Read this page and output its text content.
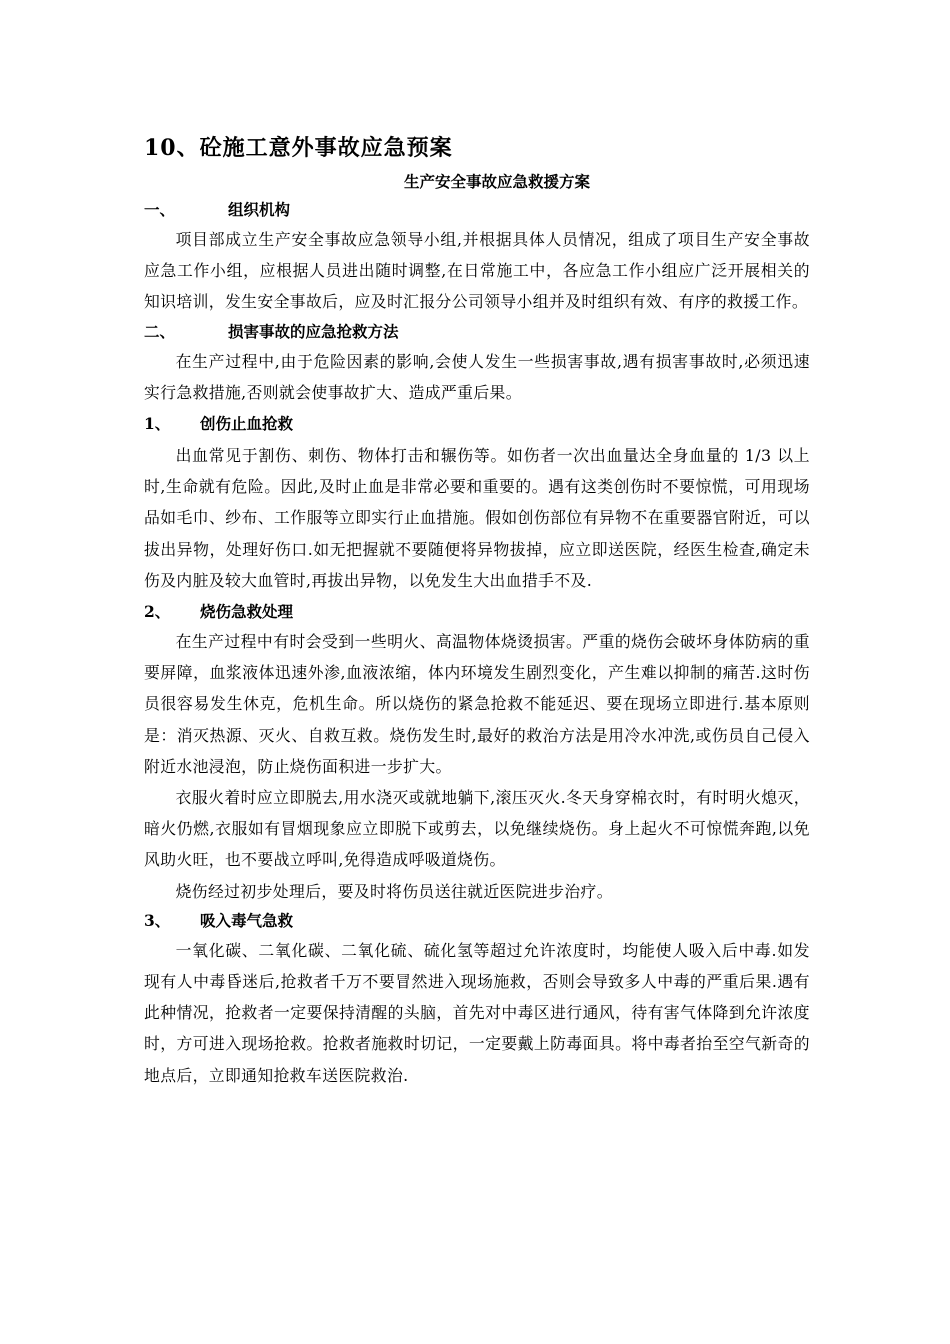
10、砼施工意外事故应急预案

生产安全事故应急救援方案

一、	组织机构

项目部成立生产安全事故应急领导小组,并根据具体人员情况，组成了项目生产安全事故应急工作小组，应根据人员进出随时调整,在日常施工中，各应急工作小组应广泛开展相关的知识培训，发生安全事故后，应及时汇报分公司领导小组并及时组织有效、有序的救援工作。

二、	损害事故的应急抢救方法

在生产过程中,由于危险因素的影响,会使人发生一些损害事故,遇有损害事故时,必须迅速实行急救措施,否则就会使事故扩大、造成严重后果。

1、 创伤止血抢救

出血常见于割伤、刺伤、物体打击和辗伤等。如伤者一次出血量达全身血量的 1/3 以上时,生命就有危险。因此,及时止血是非常必要和重要的。遇有这类创伤时不要惊慌，可用现场品如毛巾、纱布、工作服等立即实行止血措施。假如创伤部位有异物不在重要器官附近，可以拔出异物，处理好伤口.如无把握就不要随便将异物拔掉，应立即送医院，经医生检查,确定未伤及内脏及较大血管时,再拔出异物，以免发生大出血措手不及.

2、 烧伤急救处理

在生产过程中有时会受到一些明火、高温物体烧烫损害。严重的烧伤会破坏身体防病的重要屏障，血浆液体迅速外渗,血液浓缩，体内环境发生剧烈变化，产生难以抑制的痛苦.这时伤员很容易发生休克，危机生命。所以烧伤的紧急抢救不能延迟、要在现场立即进行.基本原则是：消灭热源、灭火、自救互救。烧伤发生时,最好的救治方法是用冷水冲洗,或伤员自己侵入附近水池浸泡，防止烧伤面积进一步扩大。

衣服火着时应立即脱去,用水浇灭或就地躺下,滚压灭火.冬天身穿棉衣时，有时明火熄灭，暗火仍燃,衣服如有冒烟现象应立即脱下或剪去，以免继续烧伤。身上起火不可惊慌奔跑,以免风助火旺，也不要战立呼叫,免得造成呼吸道烧伤。

烧伤经过初步处理后，要及时将伤员送往就近医院进步治疗。

3、 吸入毒气急救

一氧化碳、二氧化碳、二氧化硫、硫化氢等超过允许浓度时，均能使人吸入后中毒.如发现有人中毒昏迷后,抢救者千万不要冒然进入现场施救，否则会导致多人中毒的严重后果.遇有此种情况，抢救者一定要保持清醒的头脑，首先对中毒区进行通风，待有害气体降到允许浓度时，方可进入现场抢救。抢救者施救时切记，一定要戴上防毒面具。将中毒者抬至空气新奇的地点后，立即通知抢救车送医院救治.
